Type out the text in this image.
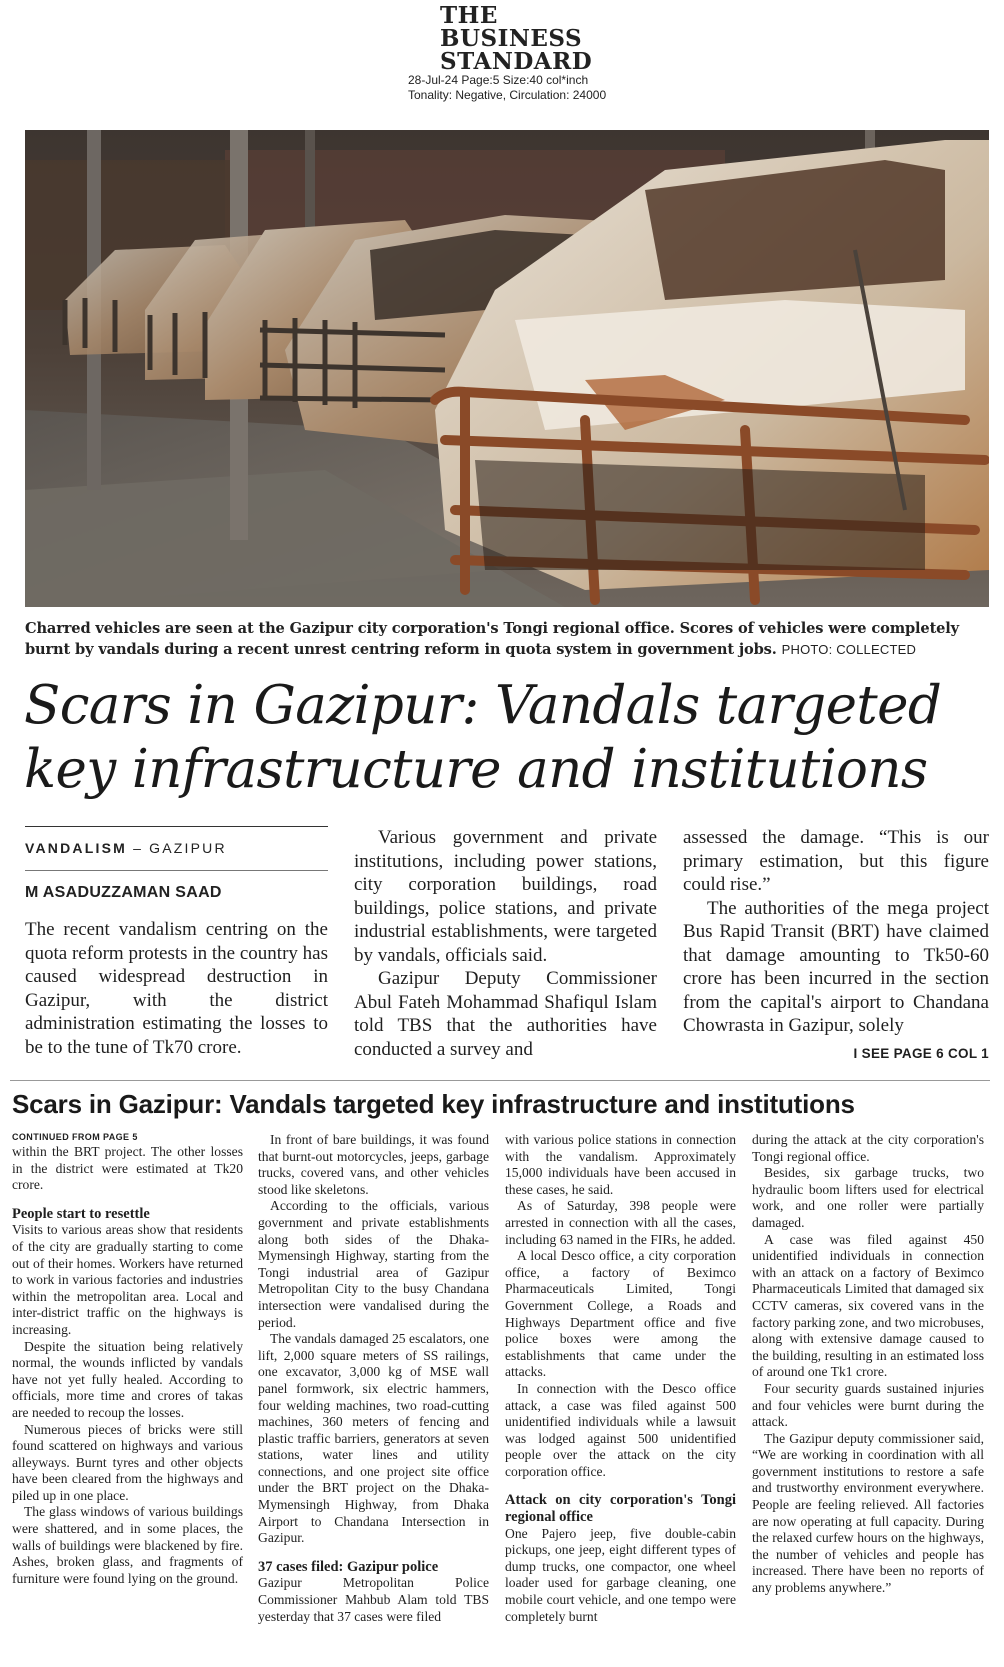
THE
BUSINESS
STANDARD
28-Jul-24 Page:5 Size:40 col*inch
Tonality: Negative, Circulation: 24000
Charred vehicles are seen at the Gazipur city corporation's Tongi regional office. Scores of vehicles were completely burnt by vandals during a recent unrest centring reform in quota system in government jobs. PHOTO: COLLECTED
Scars in Gazipur: Vandals targeted
key infrastructure and institutions
VANDALISM – GAZIPUR
M ASADUZZAMAN SAAD

The recent vandalism centring on the quota reform protests in the country has caused widespread destruction in Gazipur, with the district administration estimating the losses to be to the tune of Tk70 crore.

Various government and private institutions, including power stations, city corporation buildings, road buildings, police stations, and private industrial establishments, were targeted by vandals, officials said.

Gazipur Deputy Commissioner Abul Fateh Mohammad Shafiqul Islam told TBS that the authorities have conducted a survey and

assessed the damage. “This is our primary estimation, but this figure could rise.”

The authorities of the mega project Bus Rapid Transit (BRT) have claimed that damage amounting to Tk50-60 crore has been incurred in the section from the capital's airport to Chandana Chowrasta in Gazipur, solely

I SEE PAGE 6 COL 1
Scars in Gazipur: Vandals targeted key infrastructure and institutions
CONTINUED FROM PAGE 5

within the BRT project. The other losses in the district were estimated at Tk20 crore.

People start to resettle

Visits to various areas show that residents of the city are gradually starting to come out of their homes. Workers have returned to work in various factories and industries within the metropolitan area. Local and inter-district traffic on the highways is increasing.

Despite the situation being relatively normal, the wounds inflicted by vandals have not yet fully healed. According to officials, more time and crores of takas are needed to recoup the losses.

Numerous pieces of bricks were still found scattered on highways and various alleyways. Burnt tyres and other objects have been cleared from the highways and piled up in one place.

The glass windows of various buildings were shattered, and in some places, the walls of buildings were blackened by fire. Ashes, broken glass, and fragments of furniture were found lying on the ground.

In front of bare buildings, it was found that burnt-out motorcycles, jeeps, garbage trucks, covered vans, and other vehicles stood like skeletons.

According to the officials, various government and private establishments along both sides of the Dhaka-Mymensingh Highway, starting from the Tongi industrial area of Gazipur Metropolitan City to the busy Chandana intersection were vandalised during the period.

The vandals damaged 25 escalators, one lift, 2,000 square meters of SS railings, one excavator, 3,000 kg of MSE wall panel formwork, six electric hammers, four welding machines, two road-cutting machines, 360 meters of fencing and plastic traffic barriers, generators at seven stations, water lines and utility connections, and one project site office under the BRT project on the Dhaka-Mymensingh Highway, from Dhaka Airport to Chandana Intersection in Gazipur.

37 cases filed: Gazipur police

Gazipur Metropolitan Police Commissioner Mahbub Alam told TBS yesterday that 37 cases were filed

with various police stations in connection with the vandalism. Approximately 15,000 individuals have been accused in these cases, he said.

As of Saturday, 398 people were arrested in connection with all the cases, including 63 named in the FIRs, he added.

A local Desco office, a city corporation office, a factory of Beximco Pharmaceuticals Limited, Tongi Government College, a Roads and Highways Department office and five police boxes were among the establishments that came under the attacks.

In connection with the Desco office attack, a case was filed against 500 unidentified individuals while a lawsuit was lodged against 500 unidentified people over the attack on the city corporation office.

Attack on city corporation's Tongi regional office

One Pajero jeep, five double-cabin pickups, one jeep, eight different types of dump trucks, one compactor, one wheel loader used for garbage cleaning, one mobile court vehicle, and one tempo were completely burnt

during the attack at the city corporation's Tongi regional office.

Besides, six garbage trucks, two hydraulic boom lifters used for electrical work, and one roller were partially damaged.

A case was filed against 450 unidentified individuals in connection with an attack on a factory of Beximco Pharmaceuticals Limited that damaged six CCTV cameras, six covered vans in the factory parking zone, and two microbuses, along with extensive damage caused to the building, resulting in an estimated loss of around one Tk1 crore.

Four security guards sustained injuries and four vehicles were burnt during the attack.

The Gazipur deputy commissioner said, “We are working in coordination with all government institutions to restore a safe and trustworthy environment everywhere. People are feeling relieved. All factories are now operating at full capacity. During the relaxed curfew hours on the highways, the number of vehicles and people has increased. There have been no reports of any problems anywhere.”
